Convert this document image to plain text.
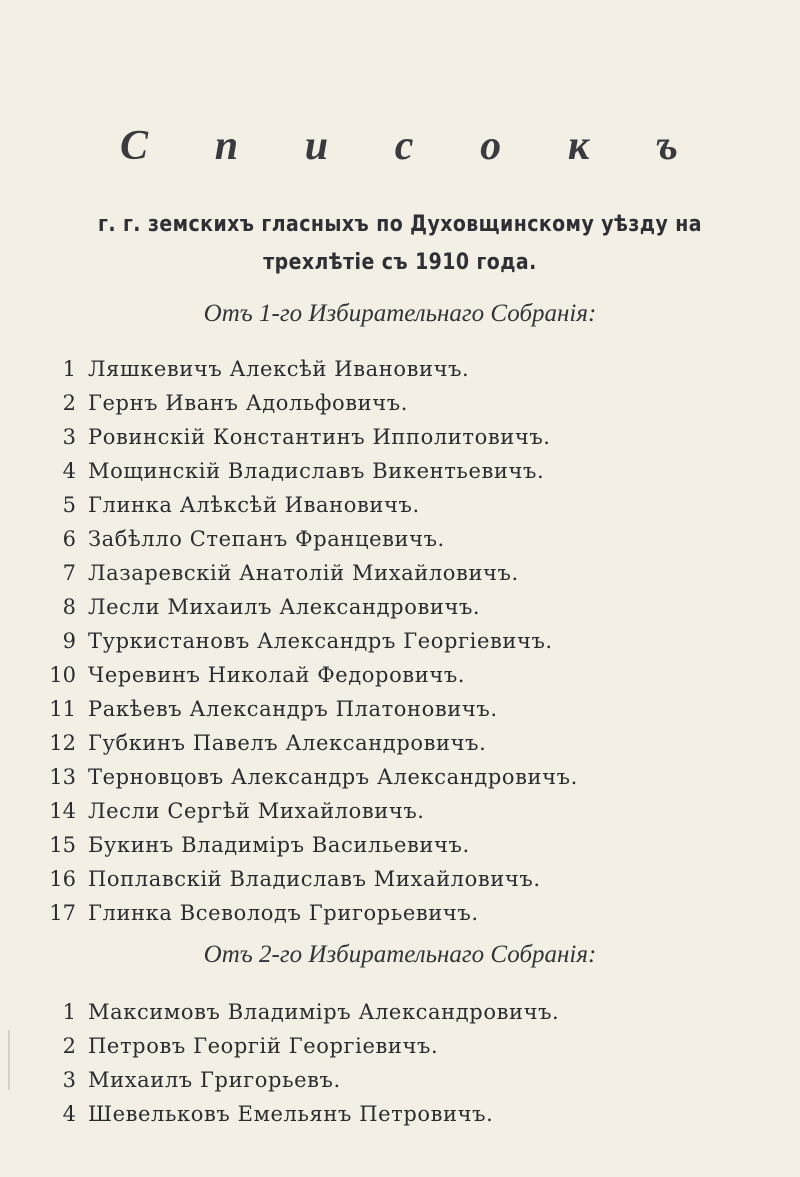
С п и с о к ъ
г. г. земскихъ гласныхъ по Духовщинскому уѣзду на
трехлѣтіе съ 1910 года.
Отъ 1-го Избирательнаго Собранія:
1 Ляшкевичъ Алексѣй Ивановичъ.
2 Гернъ Иванъ Адольфовичъ.
3 Ровинскій Константинъ Ипполитовичъ.
4 Мощинскій Владиславъ Викентьевичъ.
5 Глинка Алѣксѣй Ивановичъ.
6 Забѣлло Степанъ Францевичъ.
7 Лазаревскій Анатолій Михайловичъ.
8 Лесли Михаилъ Александровичъ.
9 Туркистановъ Александръ Георгіевичъ.
10 Черевинъ Николай Федоровичъ.
11 Ракѣевъ Александръ Платоновичъ.
12 Губкинъ Павелъ Александровичъ.
13 Терновцовъ Александръ Александровичъ.
14 Лесли Сергѣй Михайловичъ.
15 Букинъ Владиміръ Васильевичъ.
16 Поплавскій Владиславъ Михайловичъ.
17 Глинка Всеволодъ Григорьевичъ.
Отъ 2-го Избирательнаго Собранія:
1 Максимовъ Владиміръ Александровичъ.
2 Петровъ Георгій Георгіевичъ.
3 Михаилъ Григорьевъ.
4 Шевельковъ Емельянъ Петровичъ.
